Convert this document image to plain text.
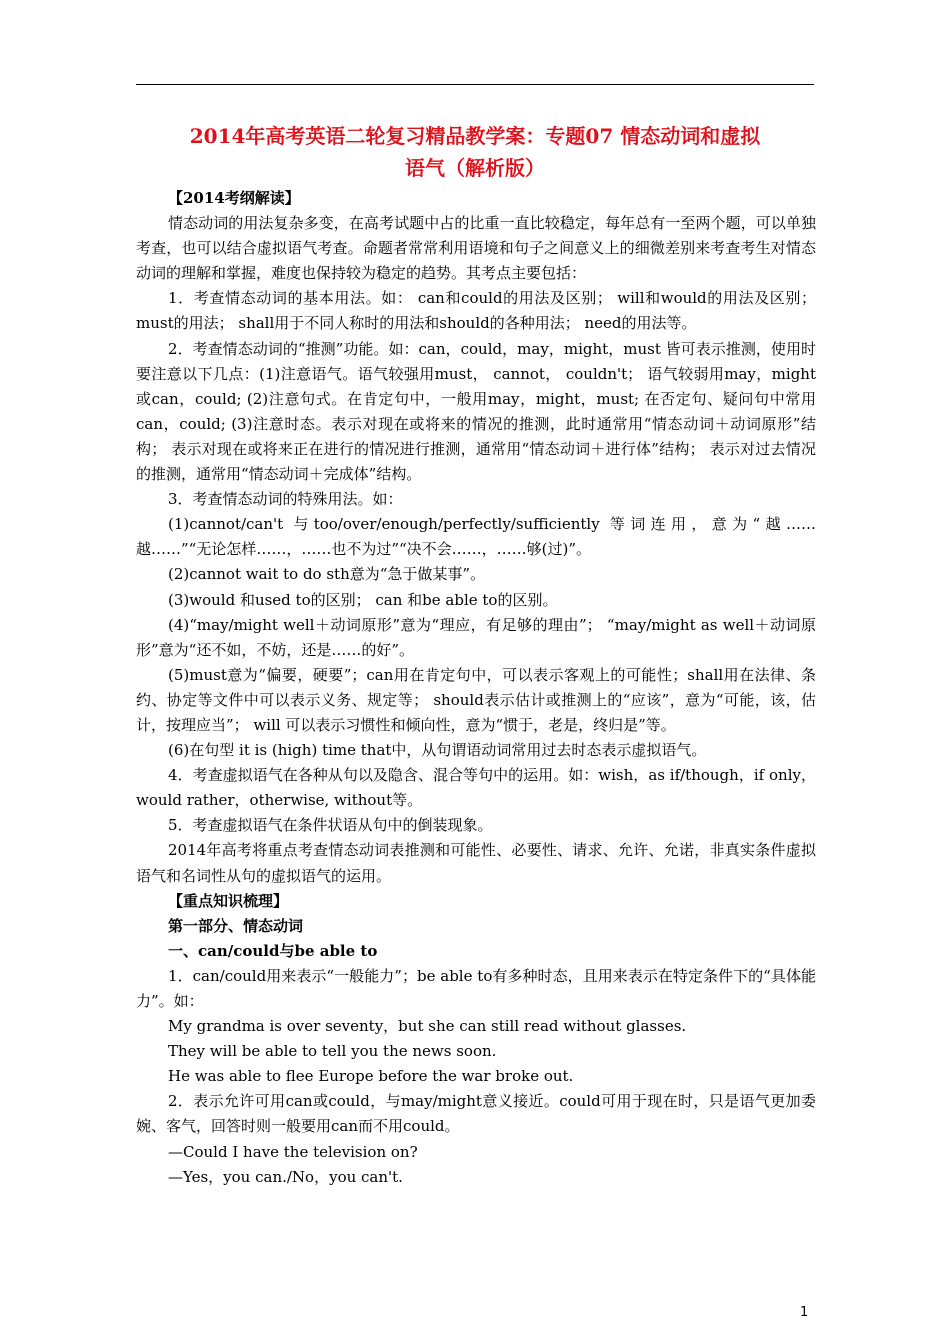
2014年高考英语二轮复习精品教学案：专题07 情态动词和虚拟
语气（解析版）

【2014考纲解读】

情态动词的用法复杂多变，在高考试题中占的比重一直比较稳定，每年总有一至两个题，可以单独考查，也可以结合虚拟语气考查。命题者常常利用语境和句子之间意义上的细微差别来考查考生对情态动词的理解和掌握，难度也保持较为稳定的趋势。其考点主要包括：

1．考查情态动词的基本用法。如： can和could的用法及区别； will和would的用法及区别； must的用法； shall用于不同人称时的用法和should的各种用法； need的用法等。

2．考查情态动词的“推测”功能。如：can，could，may，might，must 皆可表示推测，使用时要注意以下几点：(1)注意语气。语气较强用must， cannot， couldn't； 语气较弱用may，might或can，could; (2)注意句式。在肯定句中，一般用may，might，must; 在否定句、疑问句中常用can，could; (3)注意时态。表示对现在或将来的情况的推测，此时通常用“情态动词＋动词原形”结构； 表示对现在或将来正在进行的情况进行推测，通常用“情态动词＋进行体”结构； 表示对过去情况的推测，通常用“情态动词＋完成体”结构。

3．考查情态动词的特殊用法。如：

(1)cannot/can't 与too/over/enough/perfectly/sufficiently 等词连用，意为“越……越……”“无论怎样……，……也不为过”“决不会……，……够(过)”。

(2)cannot wait to do sth意为“急于做某事”。

(3)would 和used to的区别； can 和be able to的区别。

(4)“may/might well＋动词原形”意为“理应，有足够的理由”； “may/might as well＋动词原形”意为“还不如，不妨，还是……的好”。

(5)must意为“偏要，硬要”；can用在肯定句中，可以表示客观上的可能性；shall用在法律、条约、协定等文件中可以表示义务、规定等； should表示估计或推测上的“应该”，意为“可能，该，估计，按理应当”； will 可以表示习惯性和倾向性，意为“惯于，老是，终归是”等。

(6)在句型 it is (high) time that中，从句谓语动词常用过去时态表示虚拟语气。

4．考查虚拟语气在各种从句以及隐含、混合等句中的运用。如：wish，as if/though，if only，would rather，otherwise, without等。

5．考查虚拟语气在条件状语从句中的倒装现象。

2014年高考将重点考查情态动词表推测和可能性、必要性、请求、允许、允诺，非真实条件虚拟语气和名词性从句的虚拟语气的运用。

【重点知识梳理】

第一部分、情态动词

一、can/could与be able to

1．can/could用来表示“一般能力”；be able to有多种时态，且用来表示在特定条件下的“具体能力”。如：

My grandma is over seventy，but she can still read without glasses.

They will be able to tell you the news soon.

He was able to flee Europe before the war broke out.

2．表示允许可用can或could，与may/might意义接近。could可用于现在时，只是语气更加委婉、客气，回答时则一般要用can而不用could。

—Could I have the television on?

—Yes，you can./No，you can't.

1
